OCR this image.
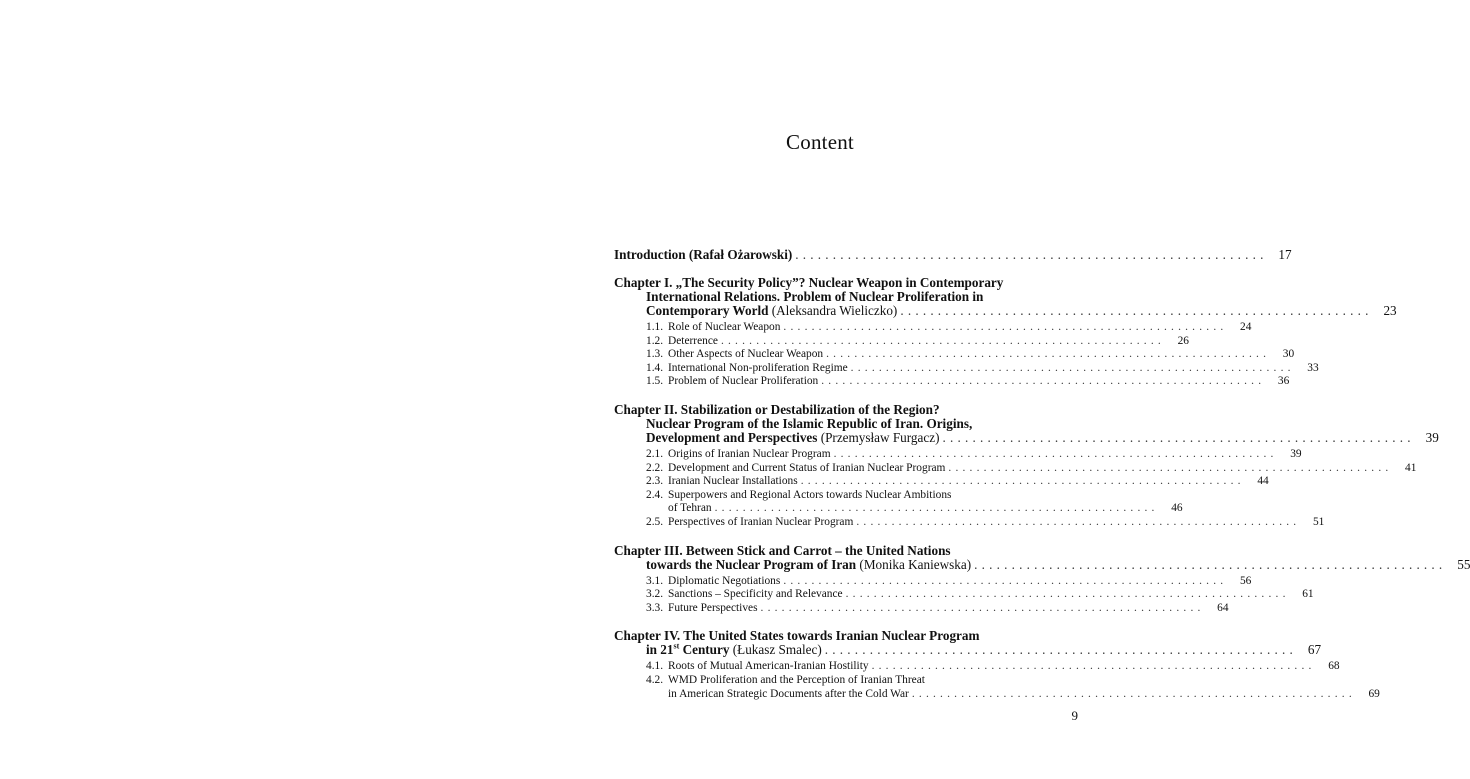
Content
Introduction (Rafał Ożarowski) ............................................................... 17
Chapter I. „The Security Policy”? Nuclear Weapon in Contemporary
International Relations. Problem of Nuclear Proliferation in
Contemporary World (Aleksandra Wieliczko) ............................................................... 23
1.1. Role of Nuclear Weapon ...............................................................	24
1.2. Deterrence ...............................................................	26
1.3. Other Aspects of Nuclear Weapon ...............................................................	30
1.4. International Non-proliferation Regime ...............................................................	33
1.5. Problem of Nuclear Proliferation ...............................................................	36
Chapter II. Stabilization or Destabilization of the Region?
Nuclear Program of the Islamic Republic of Iran. Origins,
Development and Perspectives (Przemysław Furgacz) ............................................................... 39
2.1. Origins of Iranian Nuclear Program ...............................................................	39
2.2. Development and Current Status of Iranian Nuclear Program ...............................................................	41
2.3. Iranian Nuclear Installations ...............................................................	44
2.4. Superpowers and Regional Actors towards Nuclear Ambitions
of Tehran ...............................................................	46
2.5. Perspectives of Iranian Nuclear Program ...............................................................	51
Chapter III. Between Stick and Carrot – the United Nations
towards the Nuclear Program of Iran (Monika Kaniewska) ............................................................... 55
3.1. Diplomatic Negotiations ...............................................................	56
3.2. Sanctions – Specificity and Relevance ...............................................................	61
3.3. Future Perspectives ...............................................................	64
Chapter IV. The United States towards Iranian Nuclear Program
in 21st Century (Łukasz Smalec) ............................................................... 67
4.1. Roots of Mutual American-Iranian Hostility ...............................................................	68
4.2. WMD Proliferation and the Perception of Iranian Threat
in American Strategic Documents after the Cold War ...............................................................	69
9
